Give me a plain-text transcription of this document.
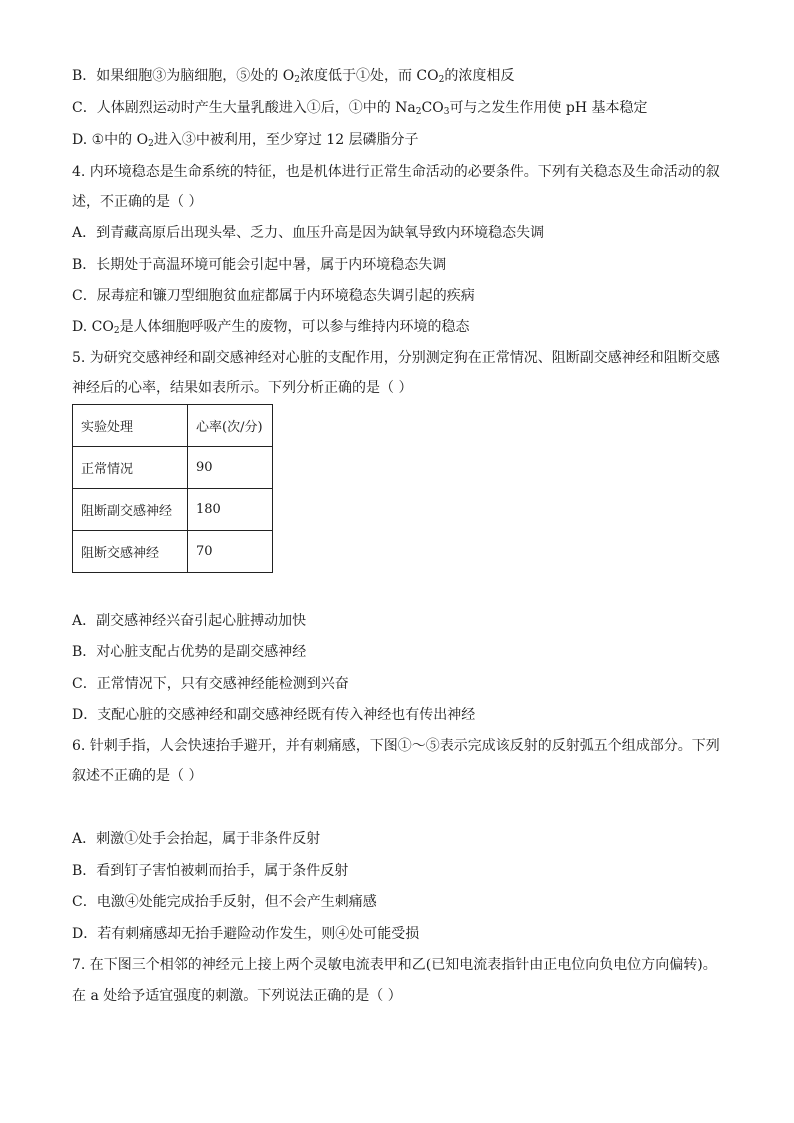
B．如果细胞③为脑细胞，⑤处的 $O_2$浓度低于①处，而 $CO_2$的浓度相反
C．人体剧烈运动时产生大量乳酸进入①后，①中的 $Na_2CO_3$可与之发生作用使 pH 基本稳定
D. ①中的 $O_2$进入③中被利用，至少穿过 12 层磷脂分子
4. 内环境稳态是生命系统的特征，也是机体进行正常生命活动的必要条件。下列有关稳态及生命活动的叙
述，不正确的是（ ）
A．到青藏高原后出现头晕、乏力、血压升高是因为缺氧导致内环境稳态失调
B．长期处于高温环境可能会引起中暑，属于内环境稳态失调
C．尿毒症和镰刀型细胞贫血症都属于内环境稳态失调引起的疾病
D. $CO_2$是人体细胞呼吸产生的废物，可以参与维持内环境的稳态
5. 为研究交感神经和副交感神经对心脏的支配作用，分别测定狗在正常情况、阻断副交感神经和阻断交感
神经后的心率，结果如表所示。下列分析正确的是（ ）
实验处理	心率(次/分)
正常情况	90
阻断副交感神经	180
阻断交感神经	70
A．副交感神经兴奋引起心脏搏动加快
B．对心脏支配占优势的是副交感神经
C．正常情况下，只有交感神经能检测到兴奋
D．支配心脏的交感神经和副交感神经既有传入神经也有传出神经
6. 针刺手指，人会快速抬手避开，并有刺痛感，下图①～⑤表示完成该反射的反射弧五个组成部分。下列
叙述不正确的是（ ）
A．刺激①处手会抬起，属于非条件反射
B．看到钉子害怕被刺而抬手，属于条件反射
C．电激④处能完成抬手反射，但不会产生刺痛感
D．若有刺痛感却无抬手避险动作发生，则④处可能受损
7. 在下图三个相邻的神经元上接上两个灵敏电流表甲和乙(已知电流表指针由正电位向负电位方向偏转)。
在 a 处给予适宜强度的刺激。下列说法正确的是（ ）
